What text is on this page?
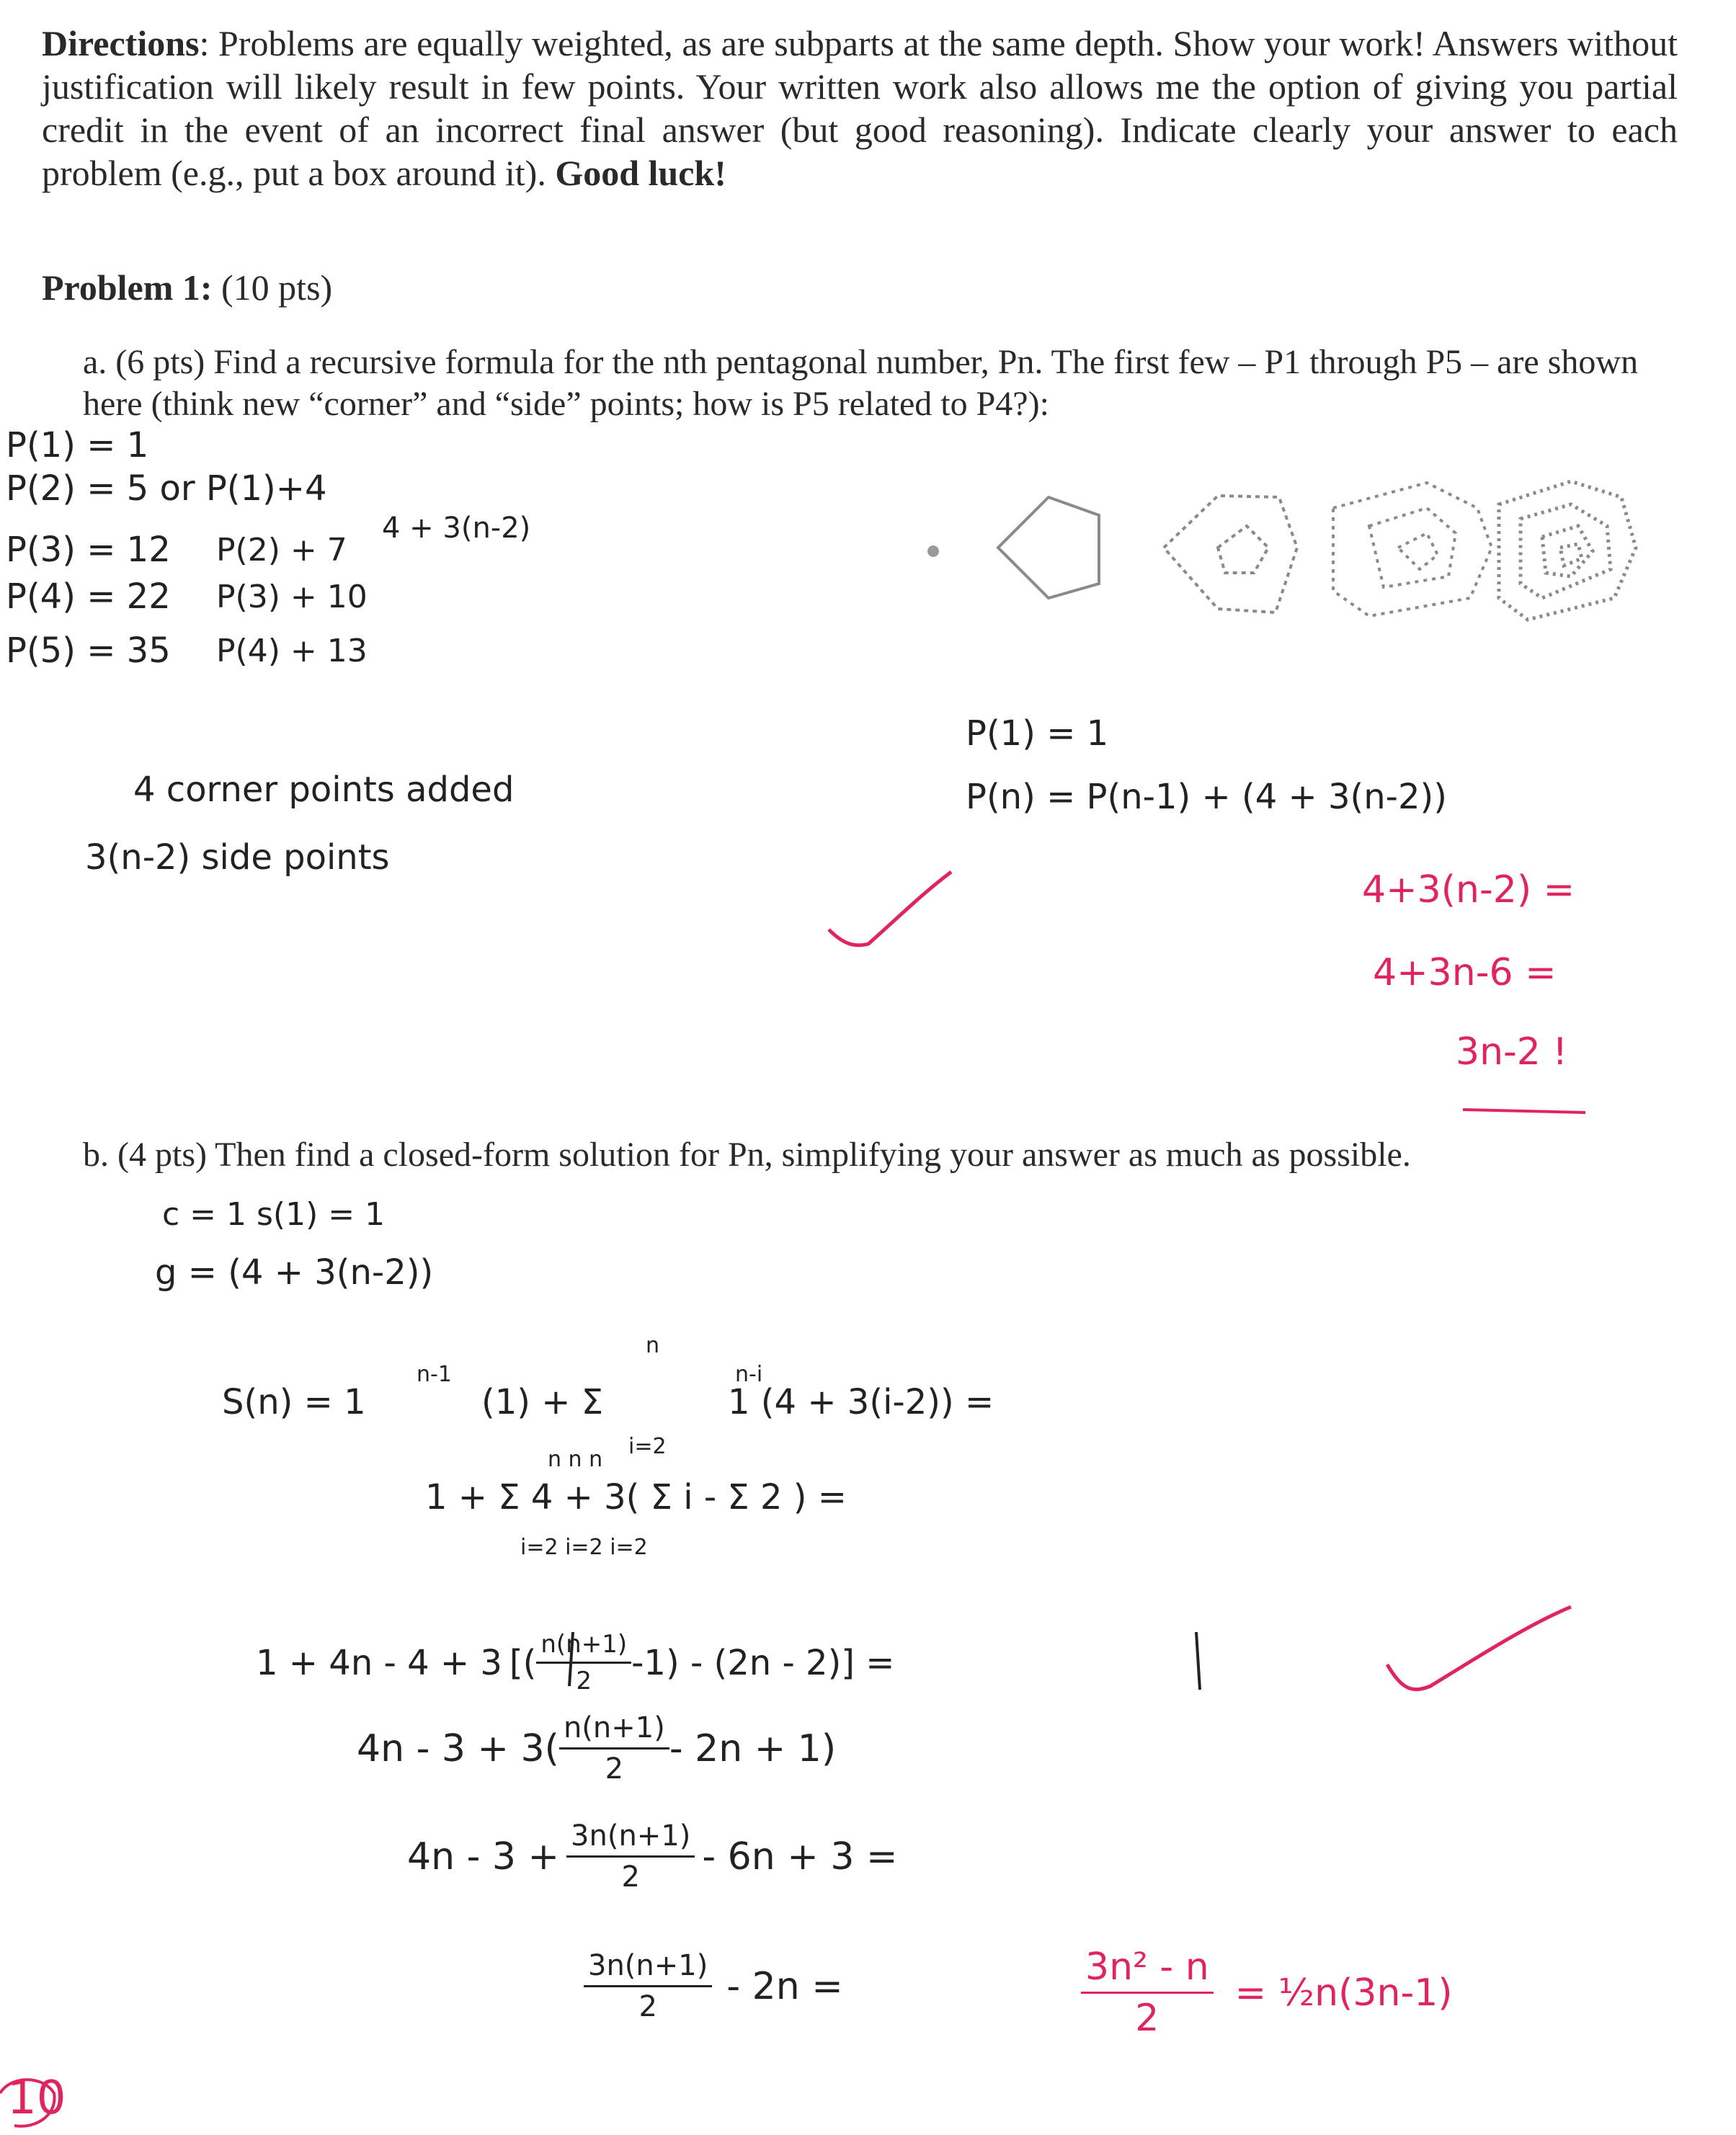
Directions: Problems are equally weighted, as are subparts at the same depth. Show your work! Answers without justification will likely result in few points. Your written work also allows me the option of giving you partial credit in the event of an incorrect final answer (but good reasoning). Indicate clearly your answer to each problem (e.g., put a box around it). Good luck!
Problem 1: (10 pts)
a. (6 pts) Find a recursive formula for the nth pentagonal number, Pn. The first few – P1 through P5 – are shown here (think new “corner” and “side” points; how is P5 related to P4?):
b. (4 pts) Then find a closed-form solution for Pn, simplifying your answer as much as possible.
P(1) = 1
P(2) = 5 or P(1)+4
P(3) = 12
P(4) = 22
P(5) = 35
P(2) + 7
P(3) + 10
P(4) + 13
4 + 3(n-2)
4 corner points added
3(n-2) side points
P(1) = 1
P(n) = P(n-1) + (4 + 3(n-2))
4+3(n-2) =
4+3n-6 =
3n-2 !
c = 1 s(1) = 1
g = (4 + 3(n-2))
S(n) = 1
n-1
(1) + Σ
n
i=2
n-i
1 (4 + 3(i-2)) =
n n n
1 + Σ 4 + 3( Σ i - Σ 2 ) =
i=2 i=2 i=2
1 + 4n - 4 + 3 [( $\frac{n(n+1)}{2} -1) - (2n - 2)$] =
$4n - 3 + 3( \frac{n(n+1)}{2} - 2n + 1)$
$4n - 3 + \frac{3n(n+1)}{2} - 6n + 3$ =
$\frac{3n(n+1)}{2} - 2n$ =	$\frac{\text{3n² - n}}{2}$ = ½n(3n-1)
10
